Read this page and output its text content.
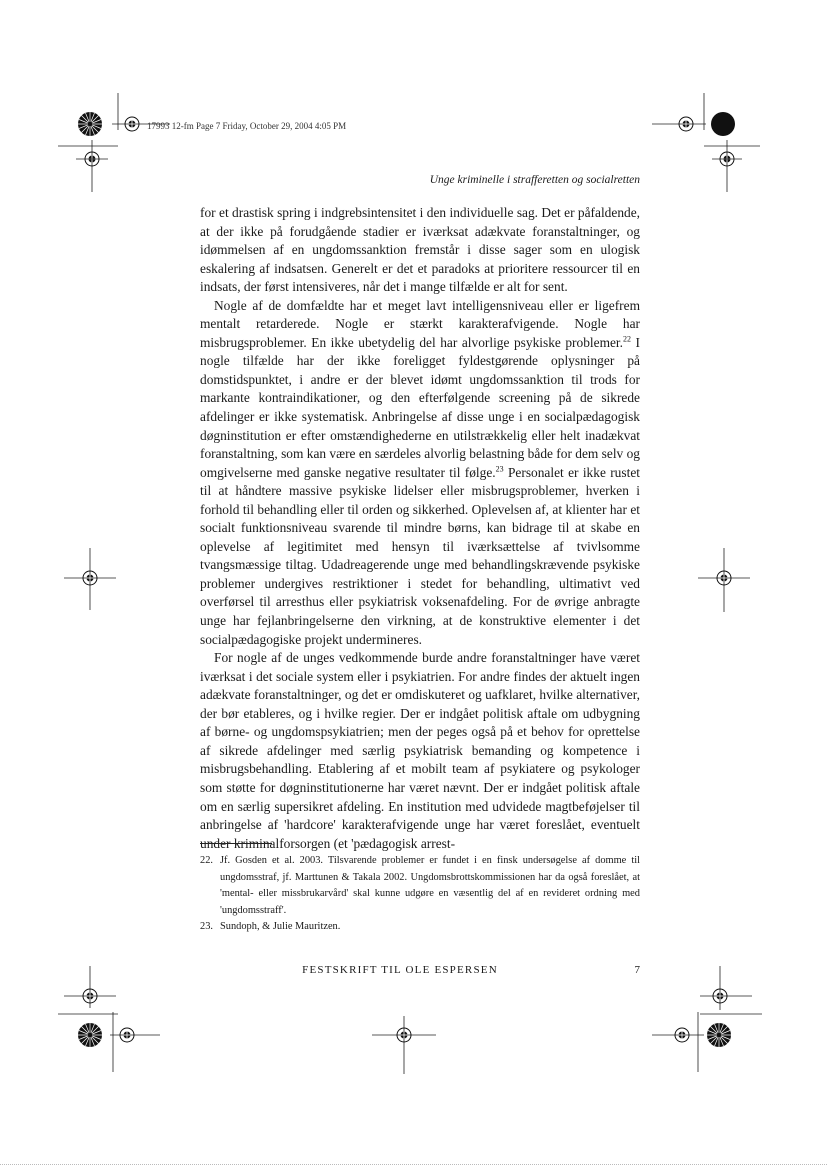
17993 12-fm Page 7 Friday, October 29, 2004 4:05 PM
Unge kriminelle i strafferetten og socialretten

for et drastisk spring i indgrebsintensitet i den individuelle sag. Det er påfaldende, at der ikke på forudgående stadier er iværksat adækvate foranstaltninger, og idømmelsen af en ungdomssanktion fremstår i disse sager som en ulogisk eskalering af indsatsen. Generelt er det et paradoks at prioritere ressourcer til en indsats, der først intensiveres, når det i mange tilfælde er alt for sent.

Nogle af de domfældte har et meget lavt intelligensniveau eller er ligefrem mentalt retarderede. Nogle er stærkt karakterafvigende. Nogle har misbrugsproblemer. En ikke ubetydelig del har alvorlige psykiske problemer.$^{22}$ I nogle tilfælde har der ikke foreligget fyldestgørende oplysninger på domstidspunktet, i andre er der blevet idømt ungdomssanktion til trods for markante kontraindikationer, og den efterfølgende screening på de sikrede afdelinger er ikke systematisk. Anbringelse af disse unge i en socialpædagogisk døgninstitution er efter omstændighederne en utilstrækkelig eller helt inadækvat foranstaltning, som kan være en særdeles alvorlig belastning både for dem selv og omgivelserne med ganske negative resultater til følge.$^{23}$ Personalet er ikke rustet til at håndtere massive psykiske lidelser eller misbrugsproblemer, hverken i forhold til behandling eller til orden og sikkerhed. Oplevelsen af, at klienter har et socialt funktionsniveau svarende til mindre børns, kan bidrage til at skabe en oplevelse af legitimitet med hensyn til iværksættelse af tvivlsomme tvangsmæssige tiltag. Udadreagerende unge med behandlingskrævende psykiske problemer undergives restriktioner i stedet for behandling, ultimativt ved overførsel til arresthus eller psykiatrisk voksenafdeling. For de øvrige anbragte unge har fejlanbringelserne den virkning, at de konstruktive elementer i det socialpædagogiske projekt undermineres.

For nogle af de unges vedkommende burde andre foranstaltninger have været iværksat i det sociale system eller i psykiatrien. For andre findes der aktuelt ingen adækvate foranstaltninger, og det er omdiskuteret og uafklaret, hvilke alternativer, der bør etableres, og i hvilke regier. Der er indgået politisk aftale om udbygning af børne- og ungdomspsykiatrien; men der peges også på et behov for oprettelse af sikrede afdelinger med særlig psykiatrisk bemanding og kompetence i misbrugsbehandling. Etablering af et mobilt team af psykiatere og psykologer som støtte for døgninstitutionerne har været nævnt. Der er indgået politisk aftale om en særlig supersikret afdeling. En institution med udvidede magtbeføjelser til anbringelse af 'hardcore' karakterafvigende unge har været foreslået, eventuelt under kriminalforsorgen (et 'pædagogisk arrest-

22. Jf. Gosden et al. 2003. Tilsvarende problemer er fundet i en finsk undersøgelse af domme til ungdomsstraf, jf. Marttunen & Takala 2002. Ungdomsbrottskommissionen har da også foreslået, at 'mental- eller missbrukarvård' skal kunne udgøre en væsentlig del af en revideret ordning med 'ungdomsstraff'.
23. Sundoph, & Julie Mauritzen.
FESTSKRIFT TIL OLE ESPERSEN	7
